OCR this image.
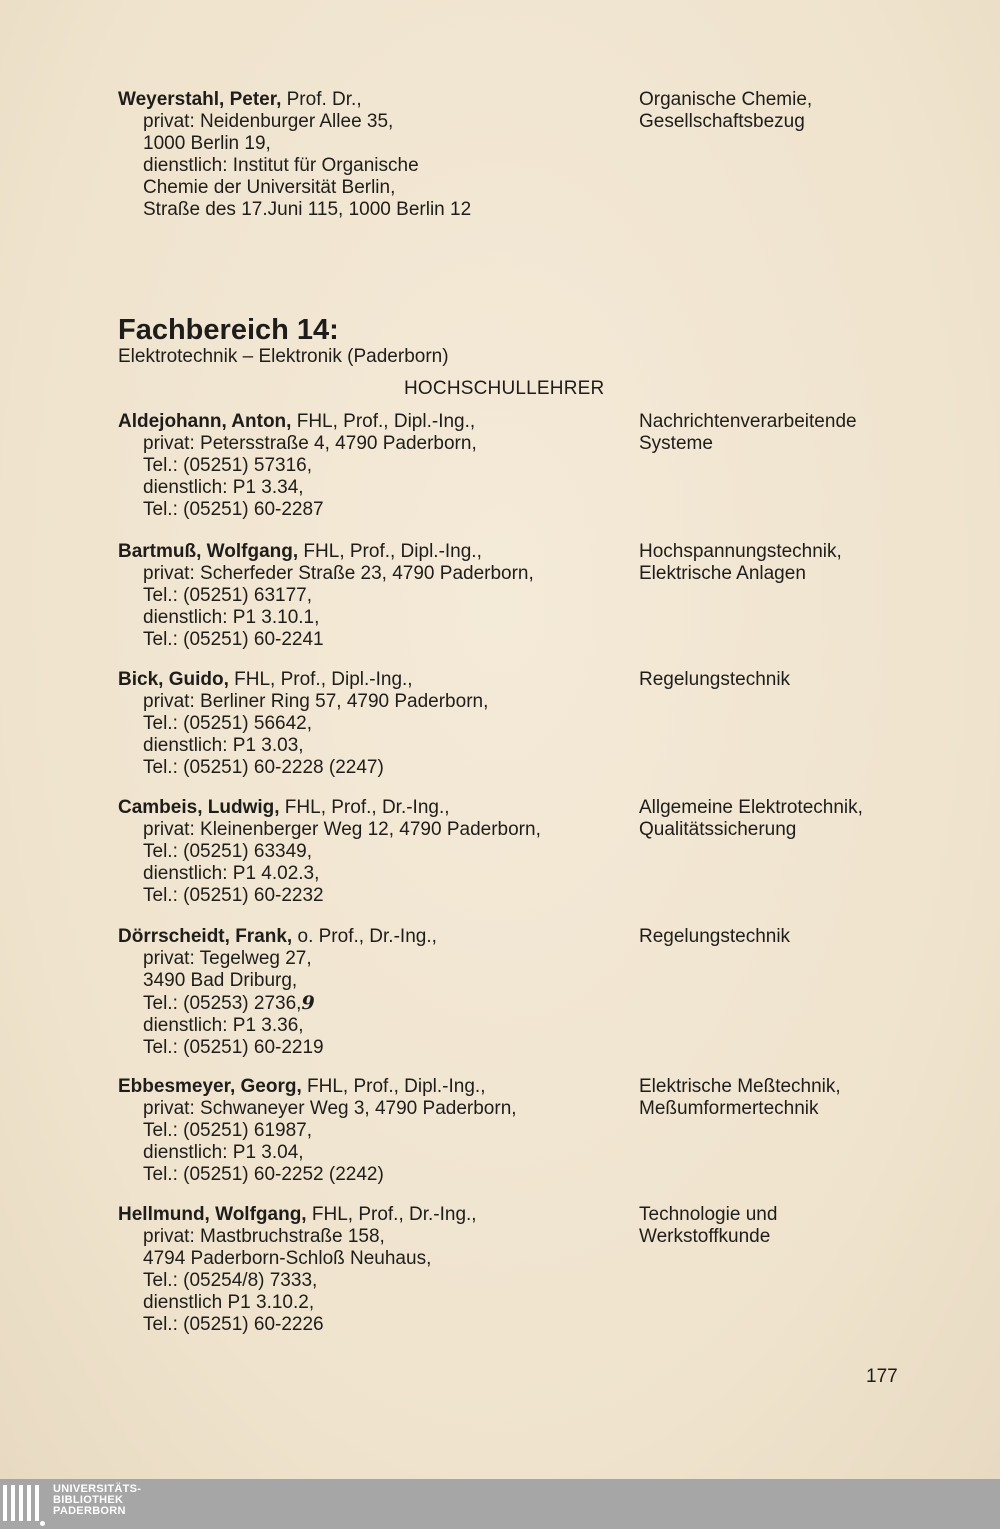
Weyerstahl, Peter, Prof. Dr.,
privat: Neidenburger Allee 35,
1000 Berlin 19,
dienstlich: Institut für Organische
Chemie der Universität Berlin,
Straße des 17.Juni 115, 1000 Berlin 12
Organische Chemie,
Gesellschaftsbezug
Fachbereich 14:
Elektrotechnik – Elektronik (Paderborn)
HOCHSCHULLEHRER
Aldejohann, Anton, FHL, Prof., Dipl.-Ing.,
privat: Petersstraße 4, 4790 Paderborn,
Tel.: (05251) 57316,
dienstlich: P1 3.34,
Tel.: (05251) 60-2287
Nachrichtenverarbeitende
Systeme
Bartmuß, Wolfgang, FHL, Prof., Dipl.-Ing.,
privat: Scherfeder Straße 23, 4790 Paderborn,
Tel.: (05251) 63177,
dienstlich: P1 3.10.1,
Tel.: (05251) 60-2241
Hochspannungstechnik,
Elektrische Anlagen
Bick, Guido, FHL, Prof., Dipl.-Ing.,
privat: Berliner Ring 57, 4790 Paderborn,
Tel.: (05251) 56642,
dienstlich: P1 3.03,
Tel.: (05251) 60-2228 (2247)
Regelungstechnik
Cambeis, Ludwig, FHL, Prof., Dr.-Ing.,
privat: Kleinenberger Weg 12, 4790 Paderborn,
Tel.: (05251) 63349,
dienstlich: P1 4.02.3,
Tel.: (05251) 60-2232
Allgemeine Elektrotechnik,
Qualitätssicherung
Dörrscheidt, Frank, o. Prof., Dr.-Ing.,
privat: Tegelweg 27,
3490 Bad Driburg,
Tel.: (05253) 2736,9
dienstlich: P1 3.36,
Tel.: (05251) 60-2219
Regelungstechnik
Ebbesmeyer, Georg, FHL, Prof., Dipl.-Ing.,
privat: Schwaneyer Weg 3, 4790 Paderborn,
Tel.: (05251) 61987,
dienstlich: P1 3.04,
Tel.: (05251) 60-2252 (2242)
Elektrische Meßtechnik,
Meßumformertechnik
Hellmund, Wolfgang, FHL, Prof., Dr.-Ing.,
privat: Mastbruchstraße 158,
4794 Paderborn-Schloß Neuhaus,
Tel.: (05254/8) 7333,
dienstlich P1 3.10.2,
Tel.: (05251) 60-2226
Technologie und
Werkstoffkunde
177
UNIVERSITÄTS-
BIBLIOTHEK
PADERBORN
